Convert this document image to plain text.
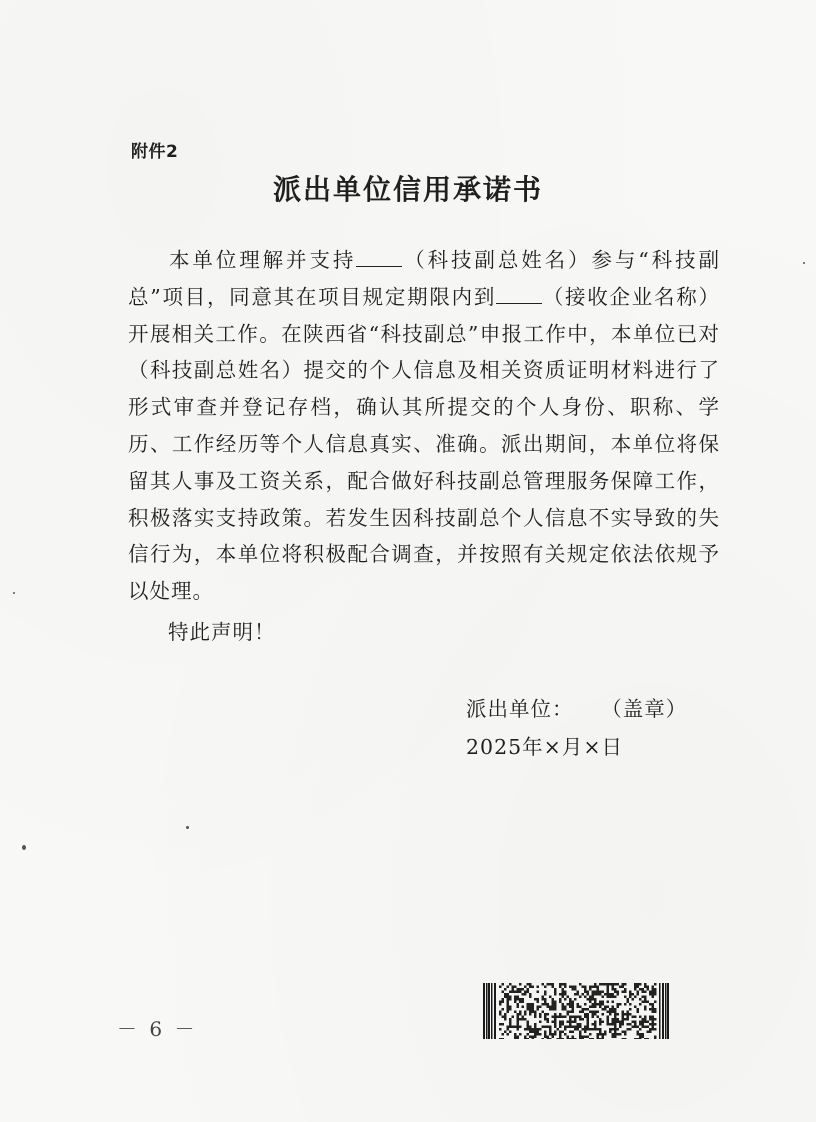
附件2
派出单位信用承诺书

本单位理解并支持 （科技副总姓名）参与“科技副总”项目，同意其在项目规定期限内到 （接收企业名称）开展相关工作。在陕西省“科技副总”申报工作中，本单位已对（科技副总姓名）提交的个人信息及相关资质证明材料进行了形式审查并登记存档，确认其所提交的个人身份、职称、学历、工作经历等个人信息真实、准确。派出期间，本单位将保留其人事及工资关系，配合做好科技副总管理服务保障工作，积极落实支持政策。若发生因科技副总个人信息不实导致的失信行为，本单位将积极配合调查，并按照有关规定依法依规予以处理。

特此声明！
派出单位： （盖章）
2025年×月×日
－ 6 －
